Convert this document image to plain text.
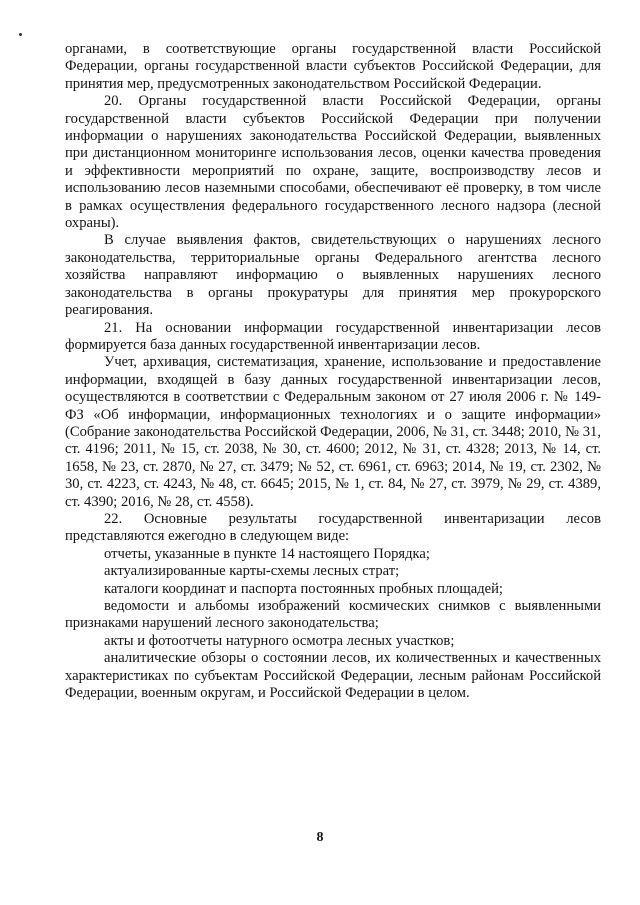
органами, в соответствующие органы государственной власти Российской Федерации, органы государственной власти субъектов Российской Федерации, для принятия мер, предусмотренных законодательством Российской Федерации.

20. Органы государственной власти Российской Федерации, органы государственной власти субъектов Российской Федерации при получении информации о нарушениях законодательства Российской Федерации, выявленных при дистанционном мониторинге использования лесов, оценки качества проведения и эффективности мероприятий по охране, защите, воспроизводству лесов и использованию лесов наземными способами, обеспечивают её проверку, в том числе в рамках осуществления федерального государственного лесного надзора (лесной охраны).

В случае выявления фактов, свидетельствующих о нарушениях лесного законодательства, территориальные органы Федерального агентства лесного хозяйства направляют информацию о выявленных нарушениях лесного законодательства в органы прокуратуры для принятия мер прокурорского реагирования.

21. На основании информации государственной инвентаризации лесов формируется база данных государственной инвентаризации лесов.

Учет, архивация, систематизация, хранение, использование и предоставление информации, входящей в базу данных государственной инвентаризации лесов, осуществляются в соответствии с Федеральным законом от 27 июля 2006 г. № 149-ФЗ «Об информации, информационных технологиях и о защите информации» (Собрание законодательства Российской Федерации, 2006, № 31, ст. 3448; 2010, № 31, ст. 4196; 2011, № 15, ст. 2038, № 30, ст. 4600; 2012, № 31, ст. 4328; 2013, № 14, ст. 1658, № 23, ст. 2870, № 27, ст. 3479; № 52, ст. 6961, ст. 6963; 2014, № 19, ст. 2302, № 30, ст. 4223, ст. 4243, № 48, ст. 6645; 2015, № 1, ст. 84, № 27, ст. 3979, № 29, ст. 4389, ст. 4390; 2016, № 28, ст. 4558).

22. Основные результаты государственной инвентаризации лесов представляются ежегодно в следующем виде:

отчеты, указанные в пункте 14 настоящего Порядка;

актуализированные карты-схемы лесных страт;

каталоги координат и паспорта постоянных пробных площадей;

ведомости и альбомы изображений космических снимков с выявленными признаками нарушений лесного законодательства;

акты и фотоотчеты натурного осмотра лесных участков;

аналитические обзоры о состоянии лесов, их количественных и качественных характеристиках по субъектам Российской Федерации, лесным районам Российской Федерации, военным округам, и Российской Федерации в целом.

8
